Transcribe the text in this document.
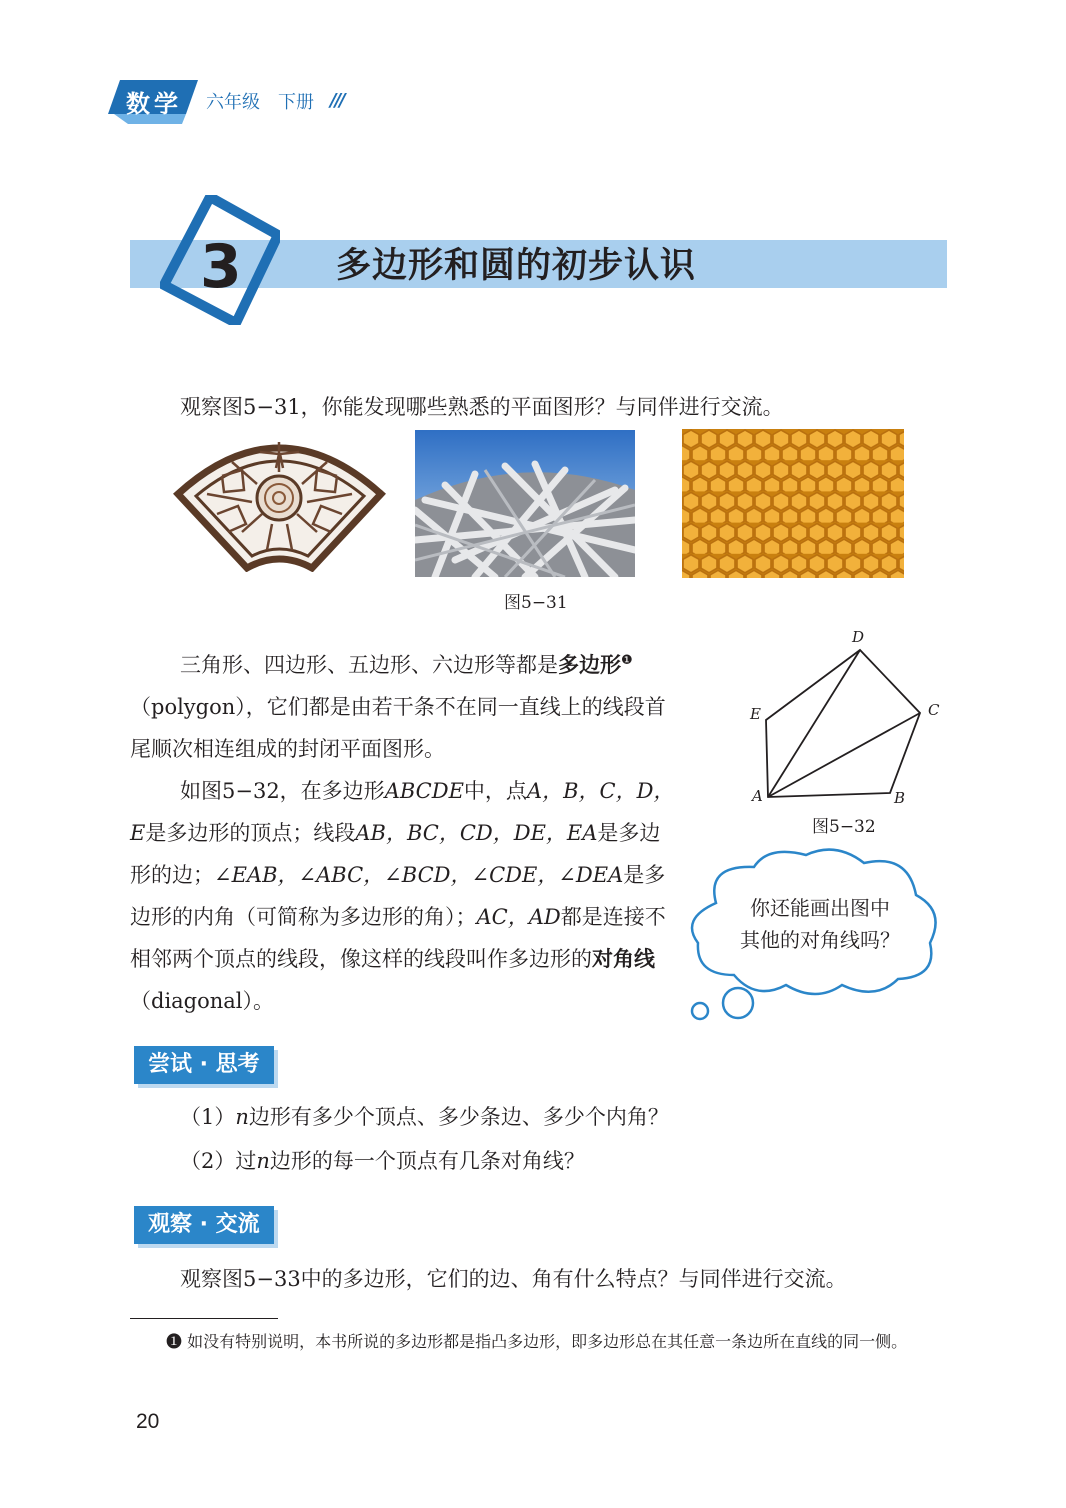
数学 六年级　下册 ///
3	多边形和圆的初步认识
观察图5−31，你能发现哪些熟悉的平面图形？与同伴进行交流。
图5−31

三角形、四边形、五边形、六边形等都是多边形$^❶$（polygon），它们都是由若干条不在同一直线上的线段首尾顺次相连组成的封闭平面图形。

如图5−32，在多边形ABCDE中，点A，B，C，D，E是多边形的顶点；线段AB，BC，CD，DE，EA是多边形的边；∠EAB，∠ABC，∠BCD，∠CDE，∠DEA是多边形的内角（可简称为多边形的角）；AC，AD都是连接不相邻两个顶点的线段，像这样的线段叫作多边形的对角线（diagonal）。

A	B
C
D
E
图5−32
你还能画出图中
其他的对角线吗？
尝试 · 思考
（1）n边形有多少个顶点、多少条边、多少个内角？
（2）过n边形的每一个顶点有几条对角线？
观察 · 交流
观察图5−33中的多边形，它们的边、角有什么特点？与同伴进行交流。
❶ 如没有特别说明，本书所说的多边形都是指凸多边形，即多边形总在其任意一条边所在直线的同一侧。
20
